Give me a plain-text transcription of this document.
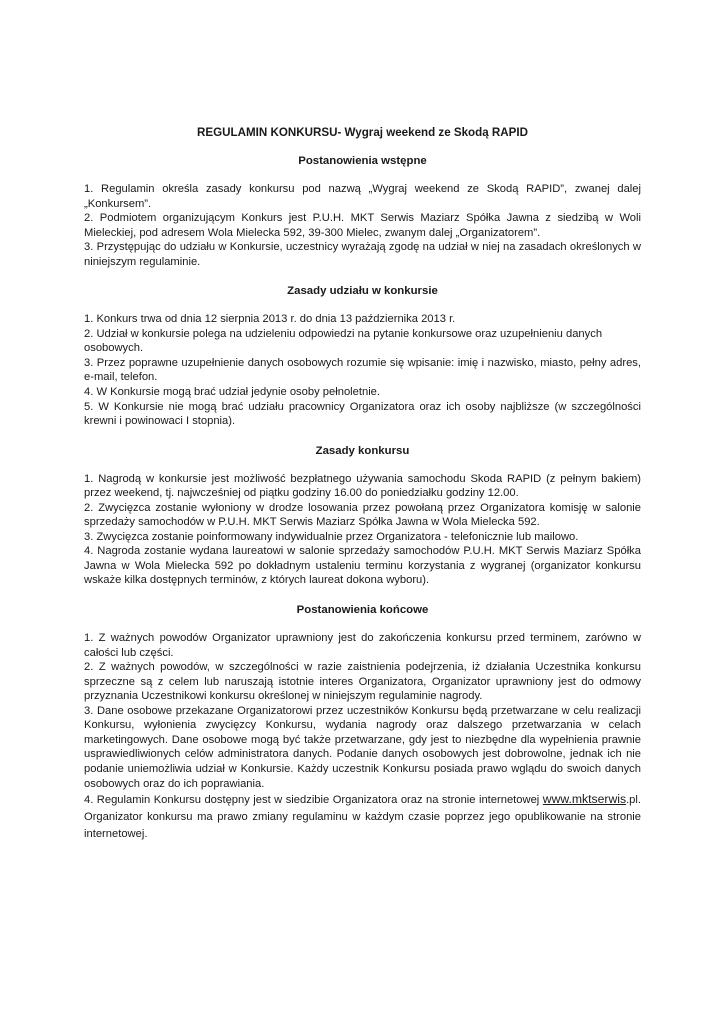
REGULAMIN KONKURSU- Wygraj weekend ze Skodą RAPID
Postanowienia wstępne

1. Regulamin określa zasady konkursu pod nazwą „Wygraj weekend ze Skodą RAPID”, zwanej dalej „Konkursem”.

2. Podmiotem organizującym Konkurs jest P.U.H. MKT Serwis Maziarz Spółka Jawna z siedzibą w Woli Mieleckiej, pod adresem Wola Mielecka 592, 39-300 Mielec, zwanym dalej „Organizatorem”.

3. Przystępując do udziału w Konkursie, uczestnicy wyrażają zgodę na udział w niej na zasadach określonych w niniejszym regulaminie.

Zasady udziału w konkursie

1. Konkurs trwa od dnia 12 sierpnia 2013 r. do dnia 13 października 2013 r.

2. Udział w konkursie polega na udzieleniu odpowiedzi na pytanie konkursowe oraz uzupełnieniu danych osobowych.

3. Przez poprawne uzupełnienie danych osobowych rozumie się wpisanie: imię i nazwisko, miasto, pełny adres, e-mail, telefon.

4. W Konkursie mogą brać udział jedynie osoby pełnoletnie.

5. W Konkursie nie mogą brać udziału pracownicy Organizatora oraz ich osoby najbliższe (w szczególności krewni i powinowaci I stopnia).

Zasady konkursu

1. Nagrodą w konkursie jest możliwość bezpłatnego używania samochodu Skoda RAPID (z pełnym bakiem) przez weekend, tj. najwcześniej od piątku godziny 16.00 do poniedziałku godziny 12.00.

2. Zwycięzca zostanie wyłoniony w drodze losowania przez powołaną przez Organizatora komisję w salonie sprzedaży samochodów w P.U.H. MKT Serwis Maziarz Spółka Jawna w Wola Mielecka 592.

3. Zwycięzca zostanie poinformowany indywidualnie przez Organizatora - telefonicznie lub mailowo.

4. Nagroda zostanie wydana laureatowi w salonie sprzedaży samochodów P.U.H. MKT Serwis Maziarz Spółka Jawna w Wola Mielecka 592 po dokładnym ustaleniu terminu korzystania z wygranej (organizator konkursu wskaże kilka dostępnych terminów, z których laureat dokona wyboru).

Postanowienia końcowe

1. Z ważnych powodów Organizator uprawniony jest do zakończenia konkursu przed terminem, zarówno w całości lub części.

2. Z ważnych powodów, w szczególności w razie zaistnienia podejrzenia, iż działania Uczestnika konkursu sprzeczne są z celem lub naruszają istotnie interes Organizatora, Organizator uprawniony jest do odmowy przyznania Uczestnikowi konkursu określonej w niniejszym regulaminie nagrody.

3. Dane osobowe przekazane Organizatorowi przez uczestników Konkursu będą przetwarzane w celu realizacji Konkursu, wyłonienia zwycięzcy Konkursu, wydania nagrody oraz dalszego przetwarzania w celach marketingowych. Dane osobowe mogą być także przetwarzane, gdy jest to niezbędne dla wypełnienia prawnie usprawiedliwionych celów administratora danych. Podanie danych osobowych jest dobrowolne, jednak ich nie podanie uniemożliwia udział w Konkursie. Każdy uczestnik Konkursu posiada prawo wglądu do swoich danych osobowych oraz do ich poprawiania.

4. Regulamin Konkursu dostępny jest w siedzibie Organizatora oraz na stronie internetowej www.mktserwis.pl. Organizator konkursu ma prawo zmiany regulaminu w każdym czasie poprzez jego opublikowanie na stronie internetowej.
